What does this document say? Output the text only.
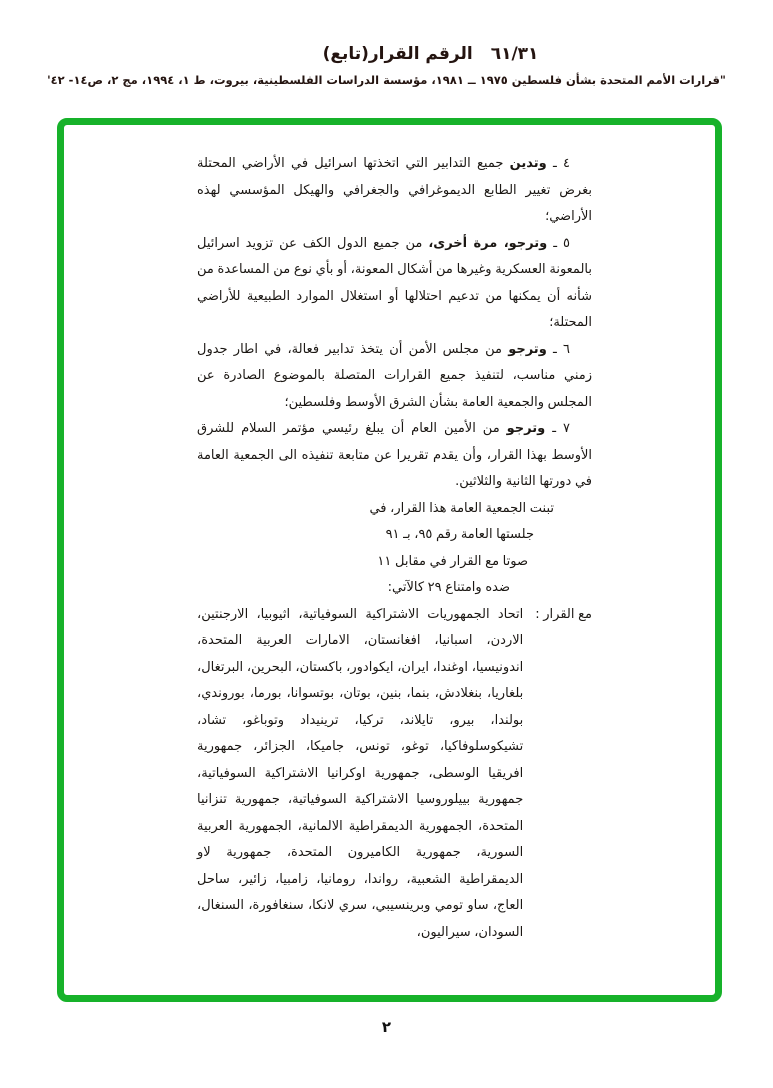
الرقم القرار(تابع) ٦١/٣١
"قرارات الأمم المتحدة بشأن فلسطين ١٩٧٥ ــ ١٩٨١، مؤسسة الدراسات الفلسطينية، بيروت، ط ١، ١٩٩٤، مج ٢، ص١٤- ٤٢'

٤ ـ وتدين جميع التدابير التي اتخذتها اسرائيل في الأراضي المحتلة بغرض تغيير الطابع الديموغرافي والجغرافي والهيكل المؤسسي لهذه الأراضي؛

٥ ـ وترجو، مرة أخرى، من جميع الدول الكف عن تزويد اسرائيل بالمعونة العسكرية وغيرها من أشكال المعونة، أو بأي نوع من المساعدة من شأنه أن يمكنها من تدعيم احتلالها أو استغلال الموارد الطبيعية للأراضي المحتلة؛

٦ ـ وترجو من مجلس الأمن أن يتخذ تدابير فعالة، في اطار جدول زمني مناسب، لتنفيذ جميع القرارات المتصلة بالموضوع الصادرة عن المجلس والجمعية العامة بشأن الشرق الأوسط وفلسطين؛

٧ ـ وترجو من الأمين العام أن يبلغ رئيسي مؤتمر السلام للشرق الأوسط بهذا القرار، وأن يقدم تقريرا عن متابعة تنفيذه الى الجمعية العامة في دورتها الثانية والثلاثين.

تبنت الجمعية العامة هذا القرار، في
جلستها العامة رقم ٩٥، بـ ٩١
صوتا مع القرار في مقابل ١١
ضده وامتناع ٢٩ كالآتي:
مع القرار :
اتحاد الجمهوريات الاشتراكية السوفياتية، اثيوبيا، الارجنتين، الاردن، اسبانيا، افغانستان، الامارات العربية المتحدة، اندونيسيا، اوغندا، ايران، ايكوادور، باكستان، البحرين، البرتغال، بلغاريا، بنغلادش، بنما، بنين، بوتان، بوتسوانا، بورما، بوروندي، بولندا، بيرو، تايلاند، تركيا، ترينيداد وتوباغو، تشاد، تشيكوسلوفاكيا، توغو، تونس، جاميكا، الجزائر، جمهورية افريقيا الوسطى، جمهورية اوكرانيا الاشتراكية السوفياتية، جمهورية بييلوروسيا الاشتراكية السوفياتية، جمهورية تنزانيا المتحدة، الجمهورية الديمقراطية الالمانية، الجمهورية العربية السورية، جمهورية الكاميرون المتحدة، جمهورية لاو الديمقراطية الشعبية، رواندا، رومانيا، زامبيا، زائير، ساحل العاج، ساو تومي وبرينسيبي، سري لانكا، سنغافورة، السنغال، السودان، سيراليون،
٢
